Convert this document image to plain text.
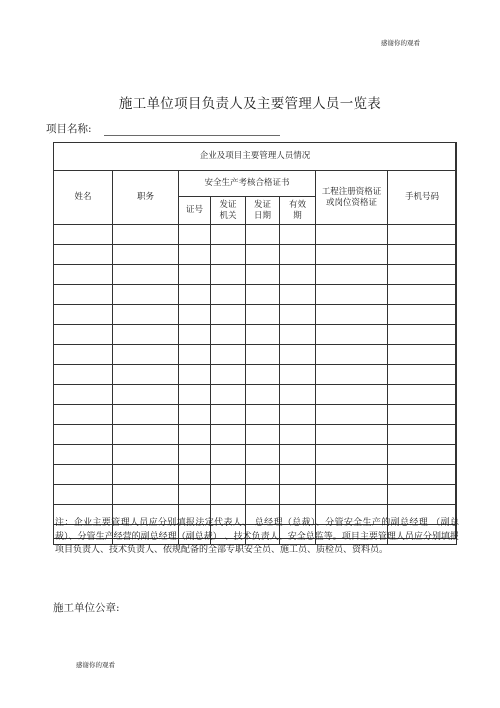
感谢你的观看
施工单位项目负责人及主要管理人员一览表
项目名称:
企业及项目主要管理人员情况							
姓名	职务	安全生产考核合格证书				工程注册资格证或岗位资格证	手机号码
		证号	发证机关	发证日期	有效期		

注：企业主要管理人员应分别填报法定代表人、 总经理（总裁）、分管安全生产的副总经理 （副总裁）、分管生产经营的副总经理（副总裁） 、技术负责人、安全总监等。项目主要管理人员应分别填报项目负责人、技术负责人、依规配备的全部专职安全员、施工员、质检员、资料员。
施工单位公章:
感谢你的观看
